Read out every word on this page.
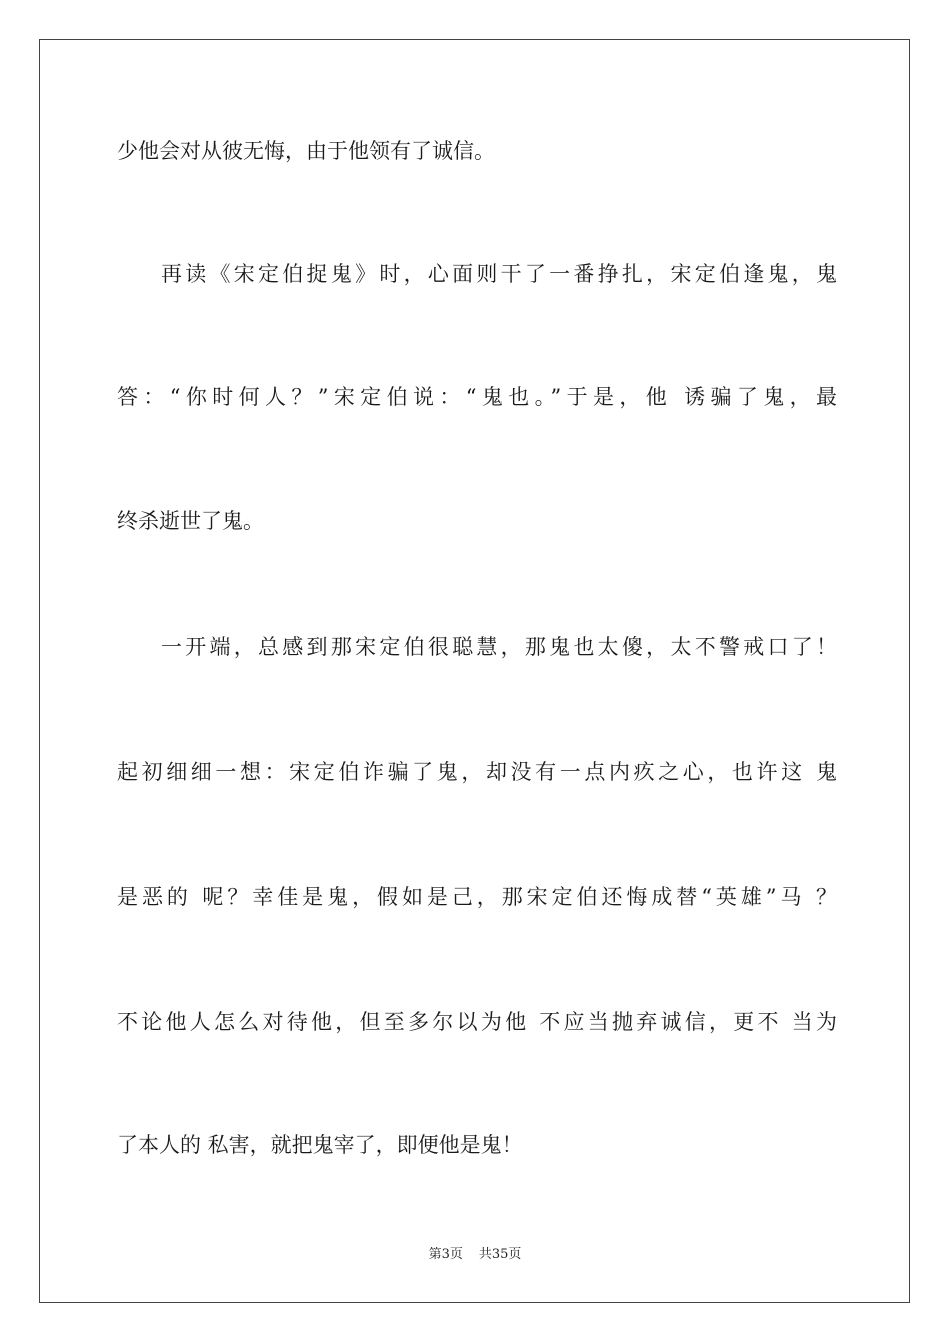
少他会对从彼无悔，由于他领有了诚信。
再读《宋定伯捉鬼》时，心面则干了一番挣扎，宋定伯逢鬼，鬼
答：“你时何人？”宋定伯说：“鬼也。”于是，他 诱骗了鬼，最
终杀逝世了鬼。
一开端，总感到那宋定伯很聪慧，那鬼也太傻，太不警戒口了！
起初细细一想：宋定伯诈骗了鬼，却没有一点内疚之心，也许这 鬼
是恶的 呢？幸佳是鬼，假如是己，那宋定伯还悔成替“英雄”马 ？
不论他人怎么对待他，但至多尔以为他 不应当抛弃诚信，更不 当为
了本人的 私害，就把鬼宰了，即便他是鬼！
第3页 共35页
